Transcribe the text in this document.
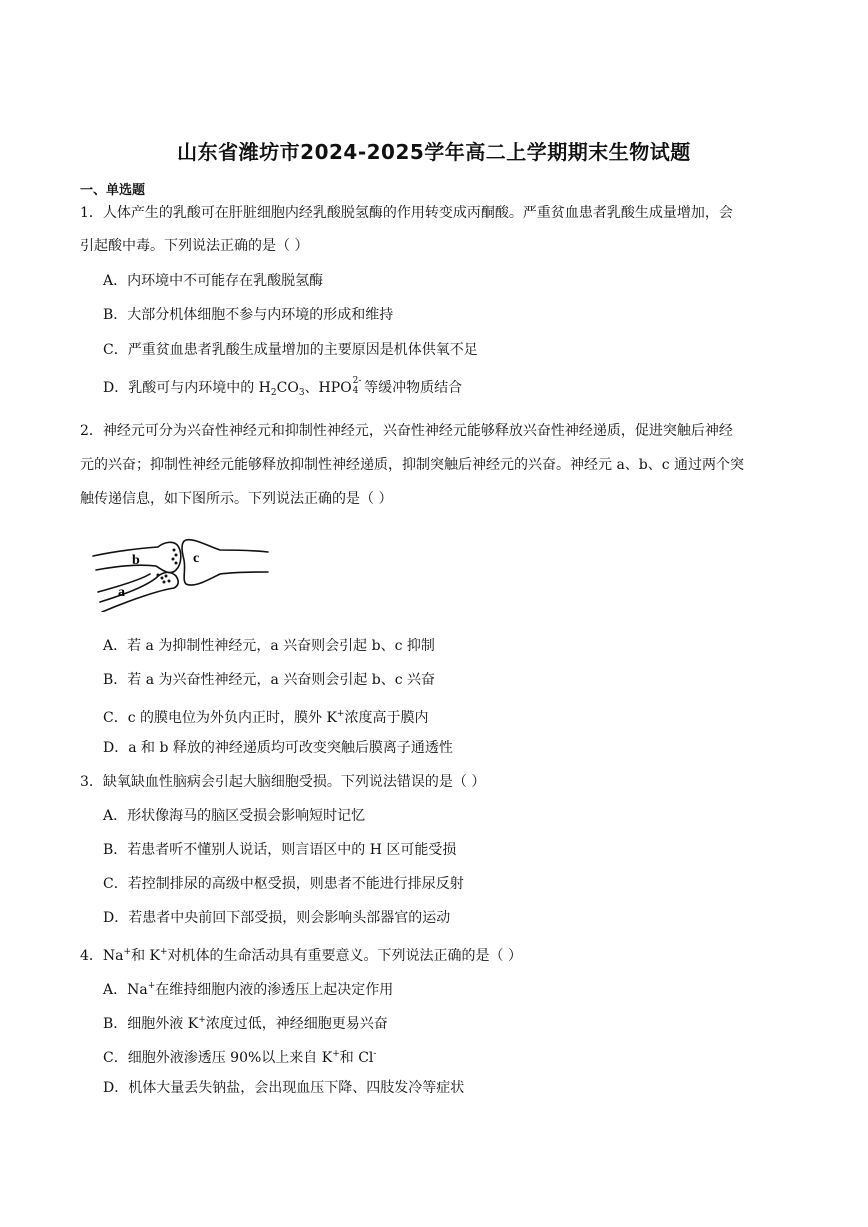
山东省潍坊市2024-2025学年高二上学期期末生物试题
一、单选题
1．人体产生的乳酸可在肝脏细胞内经乳酸脱氢酶的作用转变成丙酮酸。严重贫血患者乳酸生成量增加，会
引起酸中毒。下列说法正确的是（ ）
A．内环境中不可能存在乳酸脱氢酶
B．大部分机体细胞不参与内环境的形成和维持
C．严重贫血患者乳酸生成量增加的主要原因是机体供氧不足
D．乳酸可与内环境中的 $H_2CO_3$、HPO 2-
4 等缓冲物质结合
2．神经元可分为兴奋性神经元和抑制性神经元，兴奋性神经元能够释放兴奋性神经递质，促进突触后神经
元的兴奋；抑制性神经元能够释放抑制性神经递质，抑制突触后神经元的兴奋。神经元 a、b、c 通过两个突
触传递信息，如下图所示。下列说法正确的是（ ）
b	c
a
A．若 a 为抑制性神经元，a 兴奋则会引起 b、c 抑制
B．若 a 为兴奋性神经元，a 兴奋则会引起 b、c 兴奋
C．c 的膜电位为外负内正时，膜外 K+浓度高于膜内
D．a 和 b 释放的神经递质均可改变突触后膜离子通透性
3．缺氧缺血性脑病会引起大脑细胞受损。下列说法错误的是（ ）
A．形状像海马的脑区受损会影响短时记忆
B．若患者听不懂别人说话，则言语区中的 H 区可能受损
C．若控制排尿的高级中枢受损，则患者不能进行排尿反射
D．若患者中央前回下部受损，则会影响头部器官的运动
4．Na+和 K+对机体的生命活动具有重要意义。下列说法正确的是（ ）
A．Na+在维持细胞内液的渗透压上起决定作用
B．细胞外液 K+浓度过低，神经细胞更易兴奋
C．细胞外液渗透压 90%以上来自 K+和 Cl-
D．机体大量丢失钠盐，会出现血压下降、四肢发冷等症状
